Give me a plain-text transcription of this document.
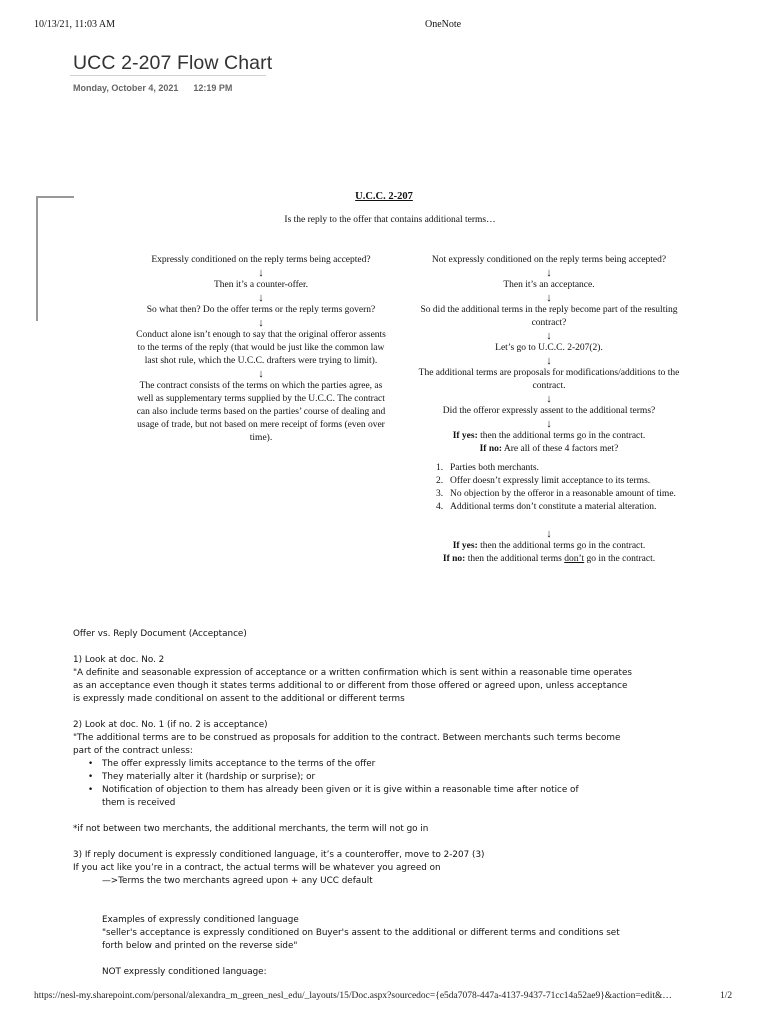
10/13/21, 11:03 AM	OneNote
UCC 2-207 Flow Chart
Monday, October 4, 2021 12:19 PM
U.C.C. 2-207
Is the reply to the offer that contains additional terms…
Expressly conditioned on the reply terms being accepted?
↓
Then it’s a counter-offer.
↓
So what then? Do the offer terms or the reply terms govern?
↓
Conduct alone isn’t enough to say that the original offeror assents to the terms of the reply (that would be just like the common law last shot rule, which the U.C.C. drafters were trying to limit).
↓
The contract consists of the terms on which the parties agree, as well as supplementary terms supplied by the U.C.C. The contract can also include terms based on the parties’ course of dealing and usage of trade, but not based on mere receipt of forms (even over time).
Not expressly conditioned on the reply terms being accepted?
↓
Then it’s an acceptance.
↓
So did the additional terms in the reply become part of the resulting contract?
↓
Let’s go to U.C.C. 2-207(2).
↓
The additional terms are proposals for modifications/additions to the contract.
↓
Did the offeror expressly assent to the additional terms?
↓
If yes: then the additional terms go in the contract.
If no: Are all of these 4 factors met?
1. Parties both merchants.
2. Offer doesn’t expressly limit acceptance to its terms.
3. No objection by the offeror in a reasonable amount of time.
4. Additional terms don’t constitute a material alteration.
↓
If yes: then the additional terms go in the contract.
If no: then the additional terms don’t go in the contract.
Offer vs. Reply Document (Acceptance)
1) Look at doc. No. 2
"A definite and seasonable expression of acceptance or a written confirmation which is sent within a reasonable time operates as an acceptance even though it states terms additional to or different from those offered or agreed upon, unless acceptance is expressly made conditional on assent to the additional or different terms
2) Look at doc. No. 1 (if no. 2 is acceptance)
"The additional terms are to be construed as proposals for addition to the contract. Between merchants such terms become part of the contract unless:
• The offer expressly limits acceptance to the terms of the offer
• They materially alter it (hardship or surprise); or
• Notification of objection to them has already been given or it is give within a reasonable time after notice of them is received
*if not between two merchants, the additional merchants, the term will not go in
3) If reply document is expressly conditioned language, it’s a counteroffer, move to 2-207 (3)
If you act like you’re in a contract, the actual terms will be whatever you agreed on
—>Terms the two merchants agreed upon + any UCC default
Examples of expressly conditioned language
"seller's acceptance is expressly conditioned on Buyer's assent to the additional or different terms and conditions set forth below and printed on the reverse side"
NOT expressly conditioned language:
https://nesl-my.sharepoint.com/personal/alexandra_m_green_nesl_edu/_layouts/15/Doc.aspx?sourcedoc={e5da7078-447a-4137-9437-71cc14a52ae9}&action=edit&…	1/2
